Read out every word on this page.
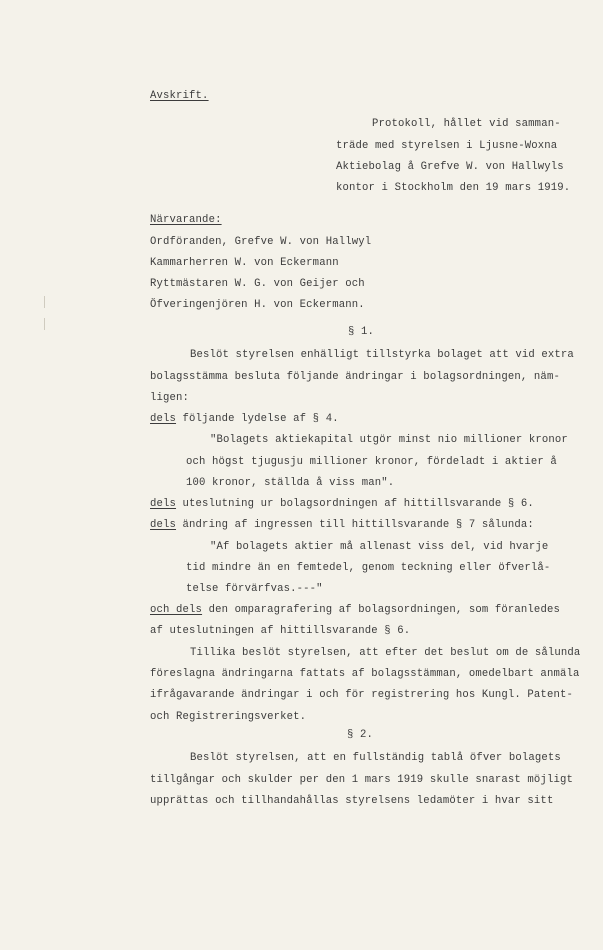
Avskrift.
Protokoll, hållet vid samman-
träde med styrelsen i Ljusne-Woxna
Aktiebolag å Grefve W. von Hallwyls
kontor i Stockholm den 19 mars 1919.
Närvarande:
Ordföranden, Grefve W. von Hallwyl
Kammarherren W. von Eckermann
Ryttmästaren W. G. von Geijer och
Öfveringenjören H. von Eckermann.
§ 1.
Beslöt styrelsen enhälligt tillstyrka bolaget att vid extra
bolagsstämma besluta följande ändringar i bolagsordningen, näm-
ligen:
dels följande lydelse af § 4.
"Bolagets aktiekapital utgör minst nio millioner kronor
och högst tjugusju millioner kronor, fördeladt i aktier å
100 kronor, ställda å viss man".
dels uteslutning ur bolagsordningen af hittillsvarande § 6.
dels ändring af ingressen till hittillsvarande § 7 sålunda:
"Af bolagets aktier må allenast viss del, vid hvarje
tid mindre än en femtedel, genom teckning eller öfverlå-
telse förvärfvas.---"
och dels den omparagrafering af bolagsordningen, som föranledes
af uteslutningen af hittillsvarande § 6.
Tillika beslöt styrelsen, att efter det beslut om de sålunda
föreslagna ändringarna fattats af bolagsstämman, omedelbart anmäla
ifrågavarande ändringar i och för registrering hos Kungl. Patent-
och Registreringsverket.
§ 2.
Beslöt styrelsen, att en fullständig tablå öfver bolagets
tillgångar och skulder per den 1 mars 1919 skulle snarast möjligt
upprättas och tillhandahållas styrelsens ledamöter i hvar sitt
